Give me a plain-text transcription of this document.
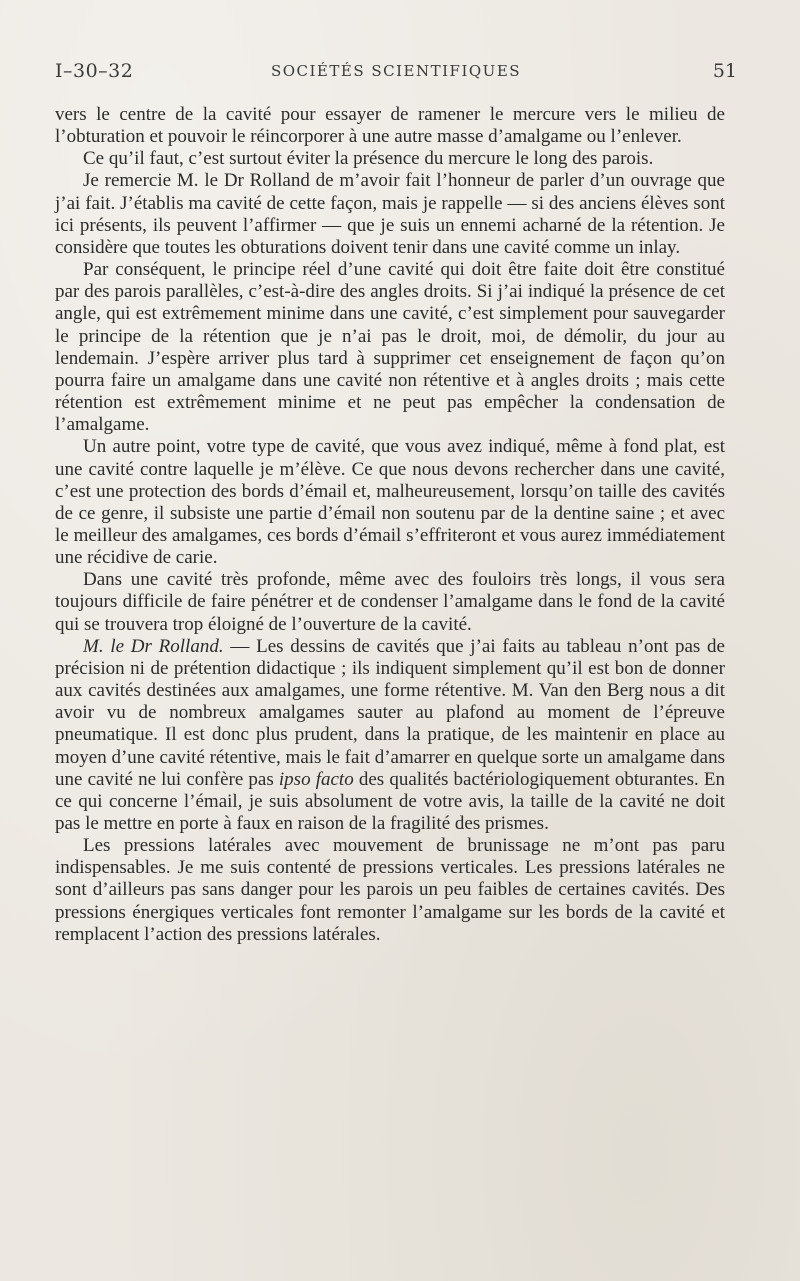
I–30–32	SOCIÉTÉS SCIENTIFIQUES	51

vers le centre de la cavité pour essayer de ramener le mercure vers le milieu de l’obturation et pouvoir le réincorporer à une autre masse d’amalgame ou l’enlever.

Ce qu’il faut, c’est surtout éviter la présence du mercure le long des parois.

Je remercie M. le Dr Rolland de m’avoir fait l’honneur de parler d’un ouvrage que j’ai fait. J’établis ma cavité de cette façon, mais je rappelle — si des anciens élèves sont ici présents, ils peuvent l’affirmer — que je suis un ennemi acharné de la rétention. Je considère que toutes les obturations doivent tenir dans une cavité comme un inlay.

Par conséquent, le principe réel d’une cavité qui doit être faite doit être constitué par des parois parallèles, c’est-à-dire des angles droits. Si j’ai indiqué la présence de cet angle, qui est extrêmement minime dans une cavité, c’est simplement pour sauvegarder le principe de la rétention que je n’ai pas le droit, moi, de démolir, du jour au lendemain. J’espère arriver plus tard à supprimer cet enseignement de façon qu’on pourra faire un amalgame dans une cavité non rétentive et à angles droits ; mais cette rétention est extrêmement minime et ne peut pas empêcher la condensation de l’amalgame.

Un autre point, votre type de cavité, que vous avez indiqué, même à fond plat, est une cavité contre laquelle je m’élève. Ce que nous devons rechercher dans une cavité, c’est une protection des bords d’émail et, malheureusement, lorsqu’on taille des cavités de ce genre, il subsiste une partie d’émail non soutenu par de la dentine saine ; et avec le meilleur des amalgames, ces bords d’émail s’effriteront et vous aurez immédiatement une récidive de carie.

Dans une cavité très profonde, même avec des fouloirs très longs, il vous sera toujours difficile de faire pénétrer et de condenser l’amalgame dans le fond de la cavité qui se trouvera trop éloigné de l’ouverture de la cavité.

M. le Dr Rolland. — Les dessins de cavités que j’ai faits au tableau n’ont pas de précision ni de prétention didactique ; ils indiquent simplement qu’il est bon de donner aux cavités destinées aux amalgames, une forme rétentive. M. Van den Berg nous a dit avoir vu de nombreux amalgames sauter au plafond au moment de l’épreuve pneumatique. Il est donc plus prudent, dans la pratique, de les maintenir en place au moyen d’une cavité rétentive, mais le fait d’amarrer en quelque sorte un amalgame dans une cavité ne lui confère pas ipso facto des qualités bactériologiquement obturantes. En ce qui concerne l’émail, je suis absolument de votre avis, la taille de la cavité ne doit pas le mettre en porte à faux en raison de la fragilité des prismes.

Les pressions latérales avec mouvement de brunissage ne m’ont pas paru indispensables. Je me suis contenté de pressions verticales. Les pressions latérales ne sont d’ailleurs pas sans danger pour les parois un peu faibles de certaines cavités. Des pressions énergiques verticales font remonter l’amalgame sur les bords de la cavité et remplacent l’action des pressions latérales.
